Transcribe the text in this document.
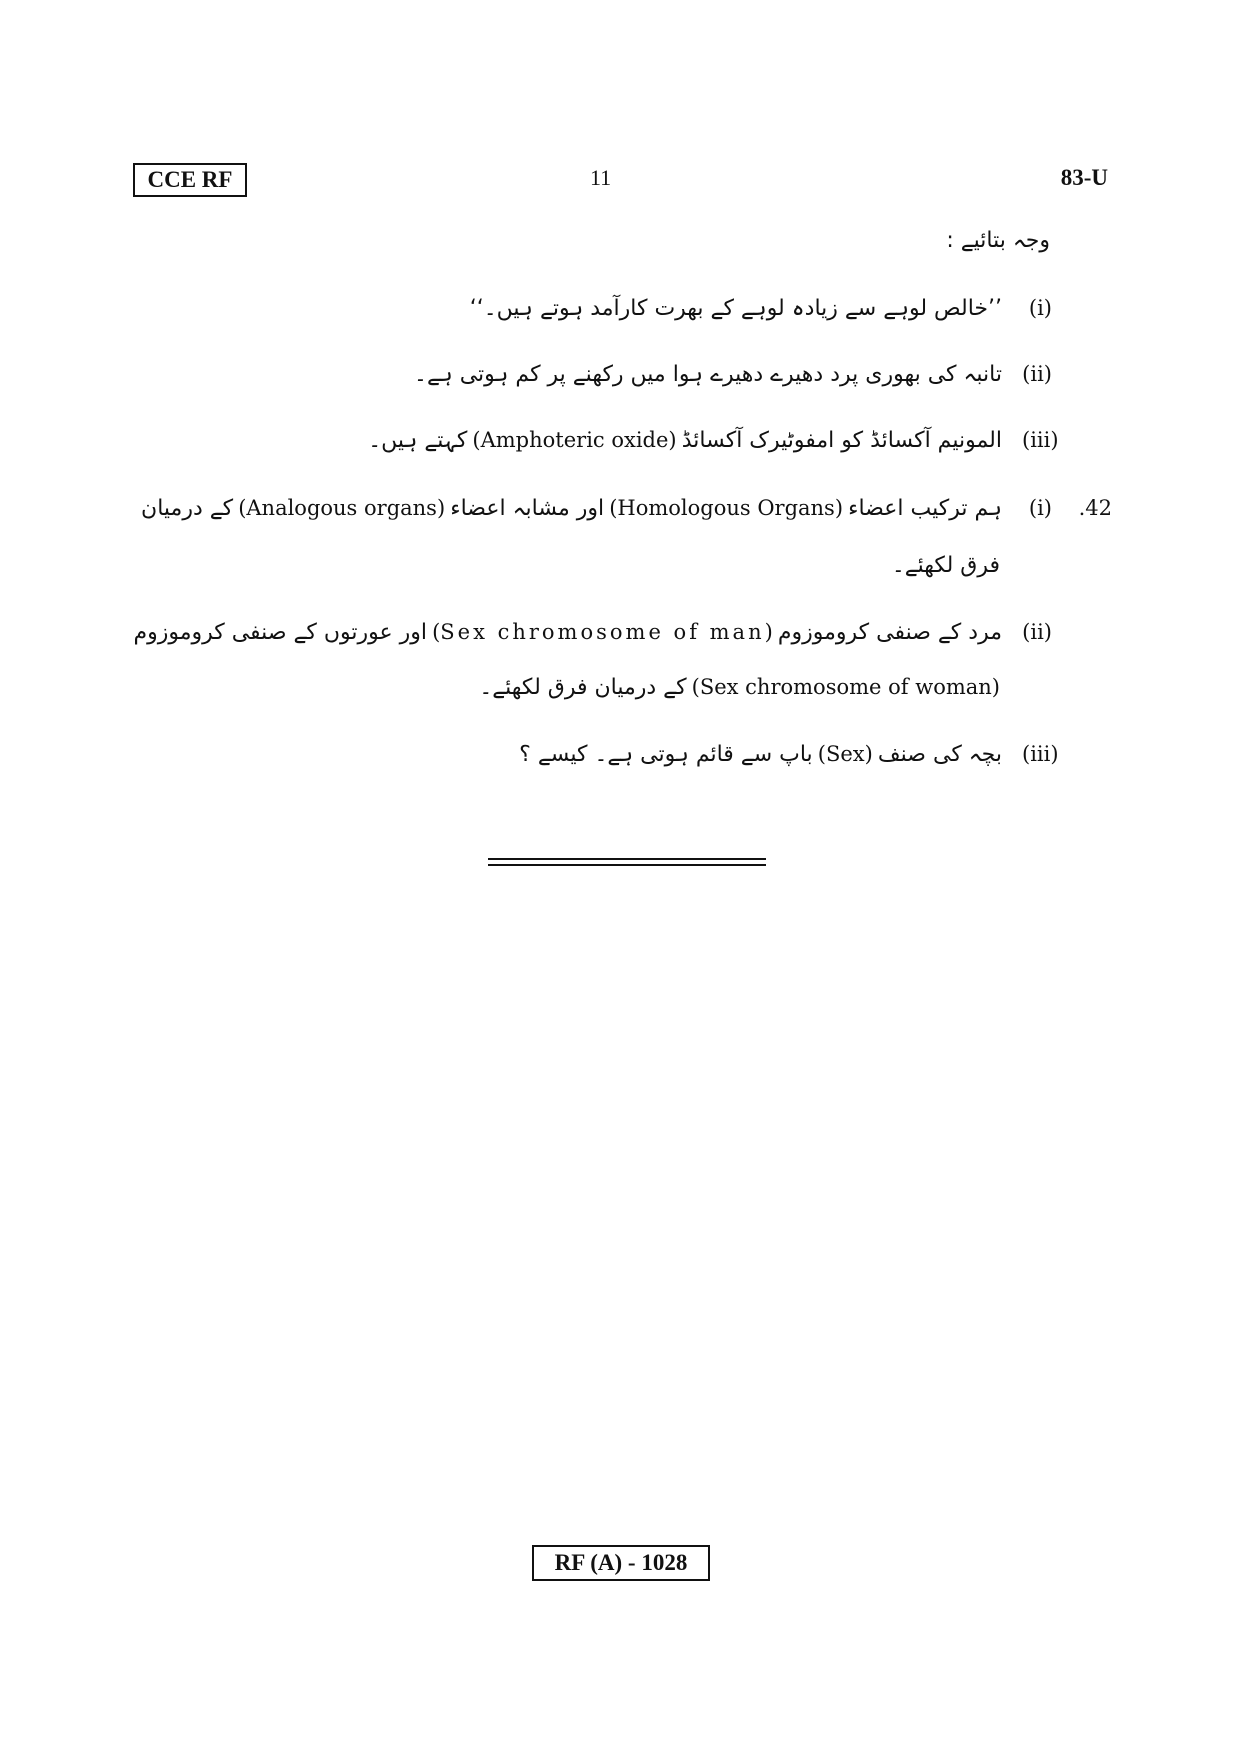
CCE RF	11	83-U
وجہ بتائیے :
(i)
’’خالص لوہے سے زیادہ لوہے کے بھرت کارآمد ہوتے ہیں۔‘‘
(ii)
تانبہ کی بھوری پرد دھیرے دھیرے ہوا میں رکھنے پر کم ہوتی ہے۔
(iii)
المونیم آکسائڈ کو امفوٹیرک آکسائڈ (Amphoteric oxide) کہتے ہیں۔
.42
(i)
ہم ترکیب اعضاء (Homologous Organs) اور مشابہ اعضاء (Analogous organs) کے درمیان
فرق لکھئے۔
(ii)
مرد کے صنفی کروموزوم (Sex chromosome of man) اور عورتوں کے صنفی کروموزوم
(Sex chromosome of woman) کے درمیان فرق لکھئے۔
(iii)
بچہ کی صنف (Sex) باپ سے قائم ہوتی ہے۔ کیسے ؟
RF (A) - 1028
